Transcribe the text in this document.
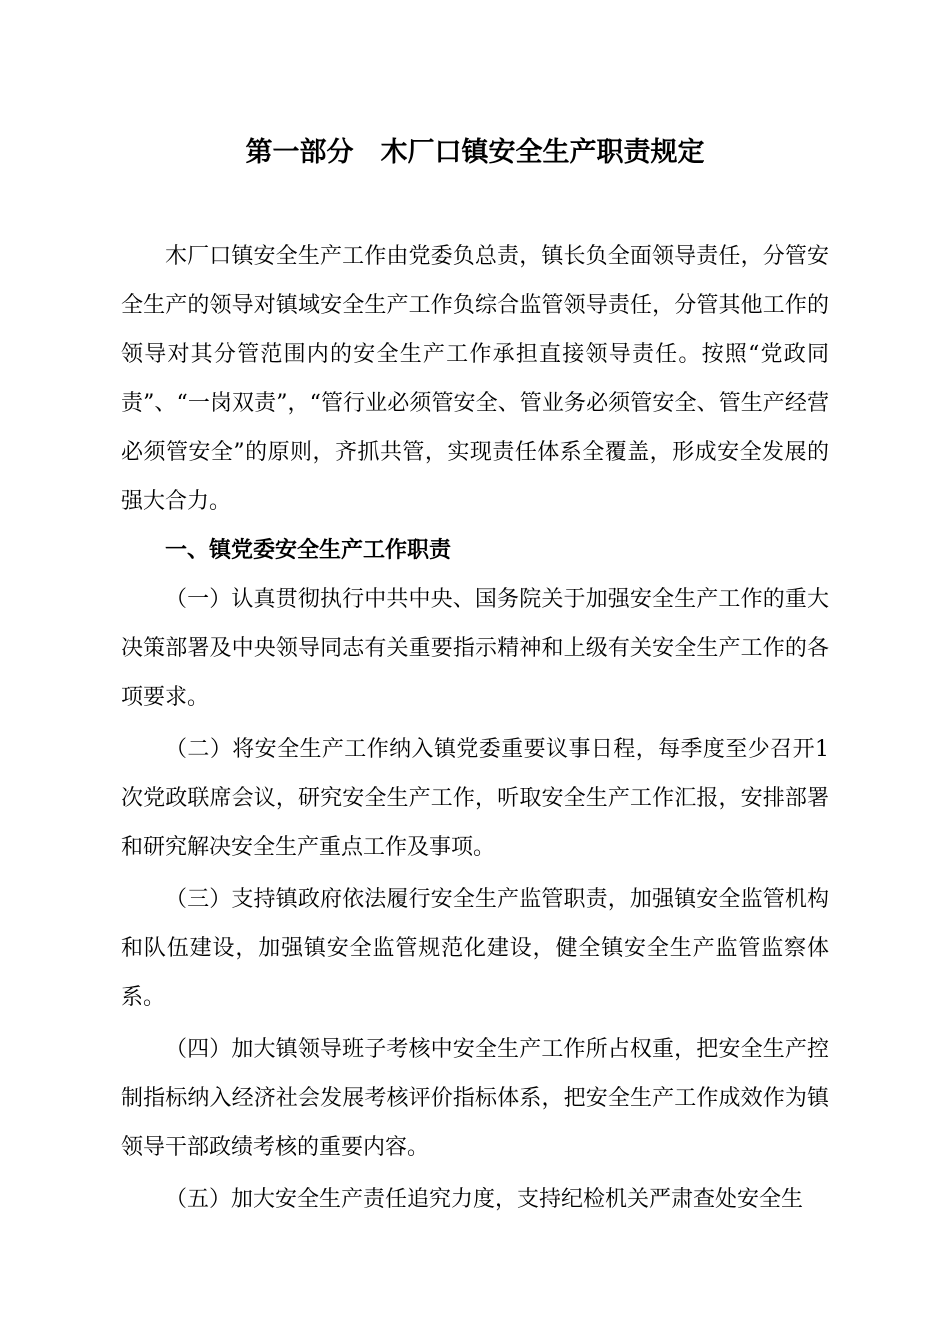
第一部分　木厂口镇安全生产职责规定

木厂口镇安全生产工作由党委负总责，镇长负全面领导责任，分管安全生产的领导对镇域安全生产工作负综合监管领导责任，分管其他工作的领导对其分管范围内的安全生产工作承担直接领导责任。按照“党政同责”、“一岗双责”，“管行业必须管安全、管业务必须管安全、管生产经营必须管安全”的原则，齐抓共管，实现责任体系全覆盖，形成安全发展的强大合力。

一、镇党委安全生产工作职责

（一）认真贯彻执行中共中央、国务院关于加强安全生产工作的重大决策部署及中央领导同志有关重要指示精神和上级有关安全生产工作的各项要求。

（二）将安全生产工作纳入镇党委重要议事日程，每季度至少召开1次党政联席会议，研究安全生产工作，听取安全生产工作汇报，安排部署和研究解决安全生产重点工作及事项。

（三）支持镇政府依法履行安全生产监管职责，加强镇安全监管机构和队伍建设，加强镇安全监管规范化建设，健全镇安全生产监管监察体系。

（四）加大镇领导班子考核中安全生产工作所占权重，把安全生产控制指标纳入经济社会发展考核评价指标体系，把安全生产工作成效作为镇领导干部政绩考核的重要内容。

（五）加大安全生产责任追究力度，支持纪检机关严肃查处安全生
